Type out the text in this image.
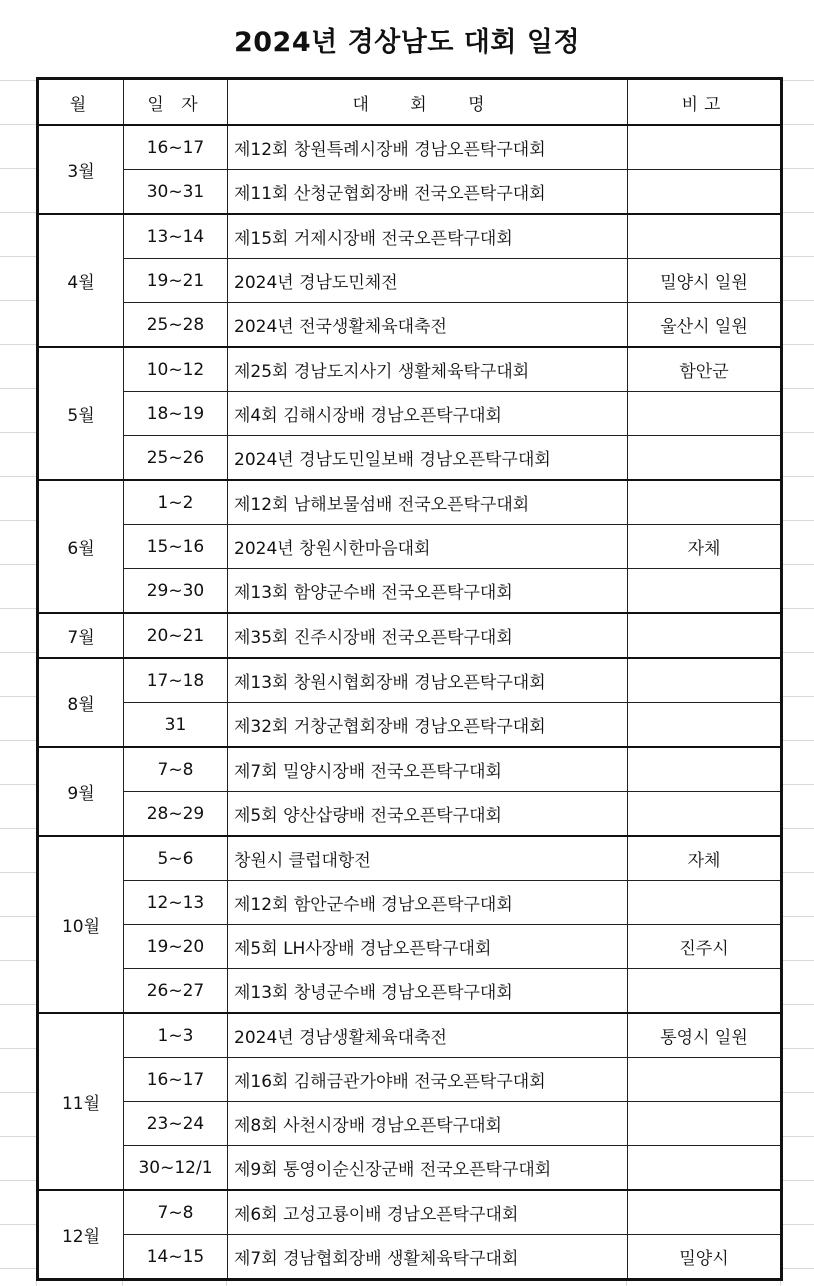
2024년 경상남도 대회 일정
월	일 자	대 회 명	비고
3월	16~17	제12회 창원특례시장배 경남오픈탁구대회	
	30~31	제11회 산청군협회장배 전국오픈탁구대회	
4월	13~14	제15회 거제시장배 전국오픈탁구대회	
	19~21	2024년 경남도민체전	밀양시 일원
	25~28	2024년 전국생활체육대축전	울산시 일원
5월	10~12	제25회 경남도지사기 생활체육탁구대회	함안군
	18~19	제4회 김해시장배 경남오픈탁구대회	
	25~26	2024년 경남도민일보배 경남오픈탁구대회	
6월	1~2	제12회 남해보물섬배 전국오픈탁구대회	
	15~16	2024년 창원시한마음대회	자체
	29~30	제13회 함양군수배 전국오픈탁구대회	
7월	20~21	제35회 진주시장배 전국오픈탁구대회	
8월	17~18	제13회 창원시협회장배 경남오픈탁구대회	
	31	제32회 거창군협회장배 경남오픈탁구대회	
9월	7~8	제7회 밀양시장배 전국오픈탁구대회	
	28~29	제5회 양산삽량배 전국오픈탁구대회	
10월	5~6	창원시 클럽대항전	자체
	12~13	제12회 함안군수배 경남오픈탁구대회	
	19~20	제5회 LH사장배 경남오픈탁구대회	진주시
	26~27	제13회 창녕군수배 경남오픈탁구대회	
11월	1~3	2024년 경남생활체육대축전	통영시 일원
	16~17	제16회 김해금관가야배 전국오픈탁구대회	
	23~24	제8회 사천시장배 경남오픈탁구대회	
	30~12/1	제9회 통영이순신장군배 전국오픈탁구대회	
12월	7~8	제6회 고성고룡이배 경남오픈탁구대회	
	14~15	제7회 경남협회장배 생활체육탁구대회	밀양시
